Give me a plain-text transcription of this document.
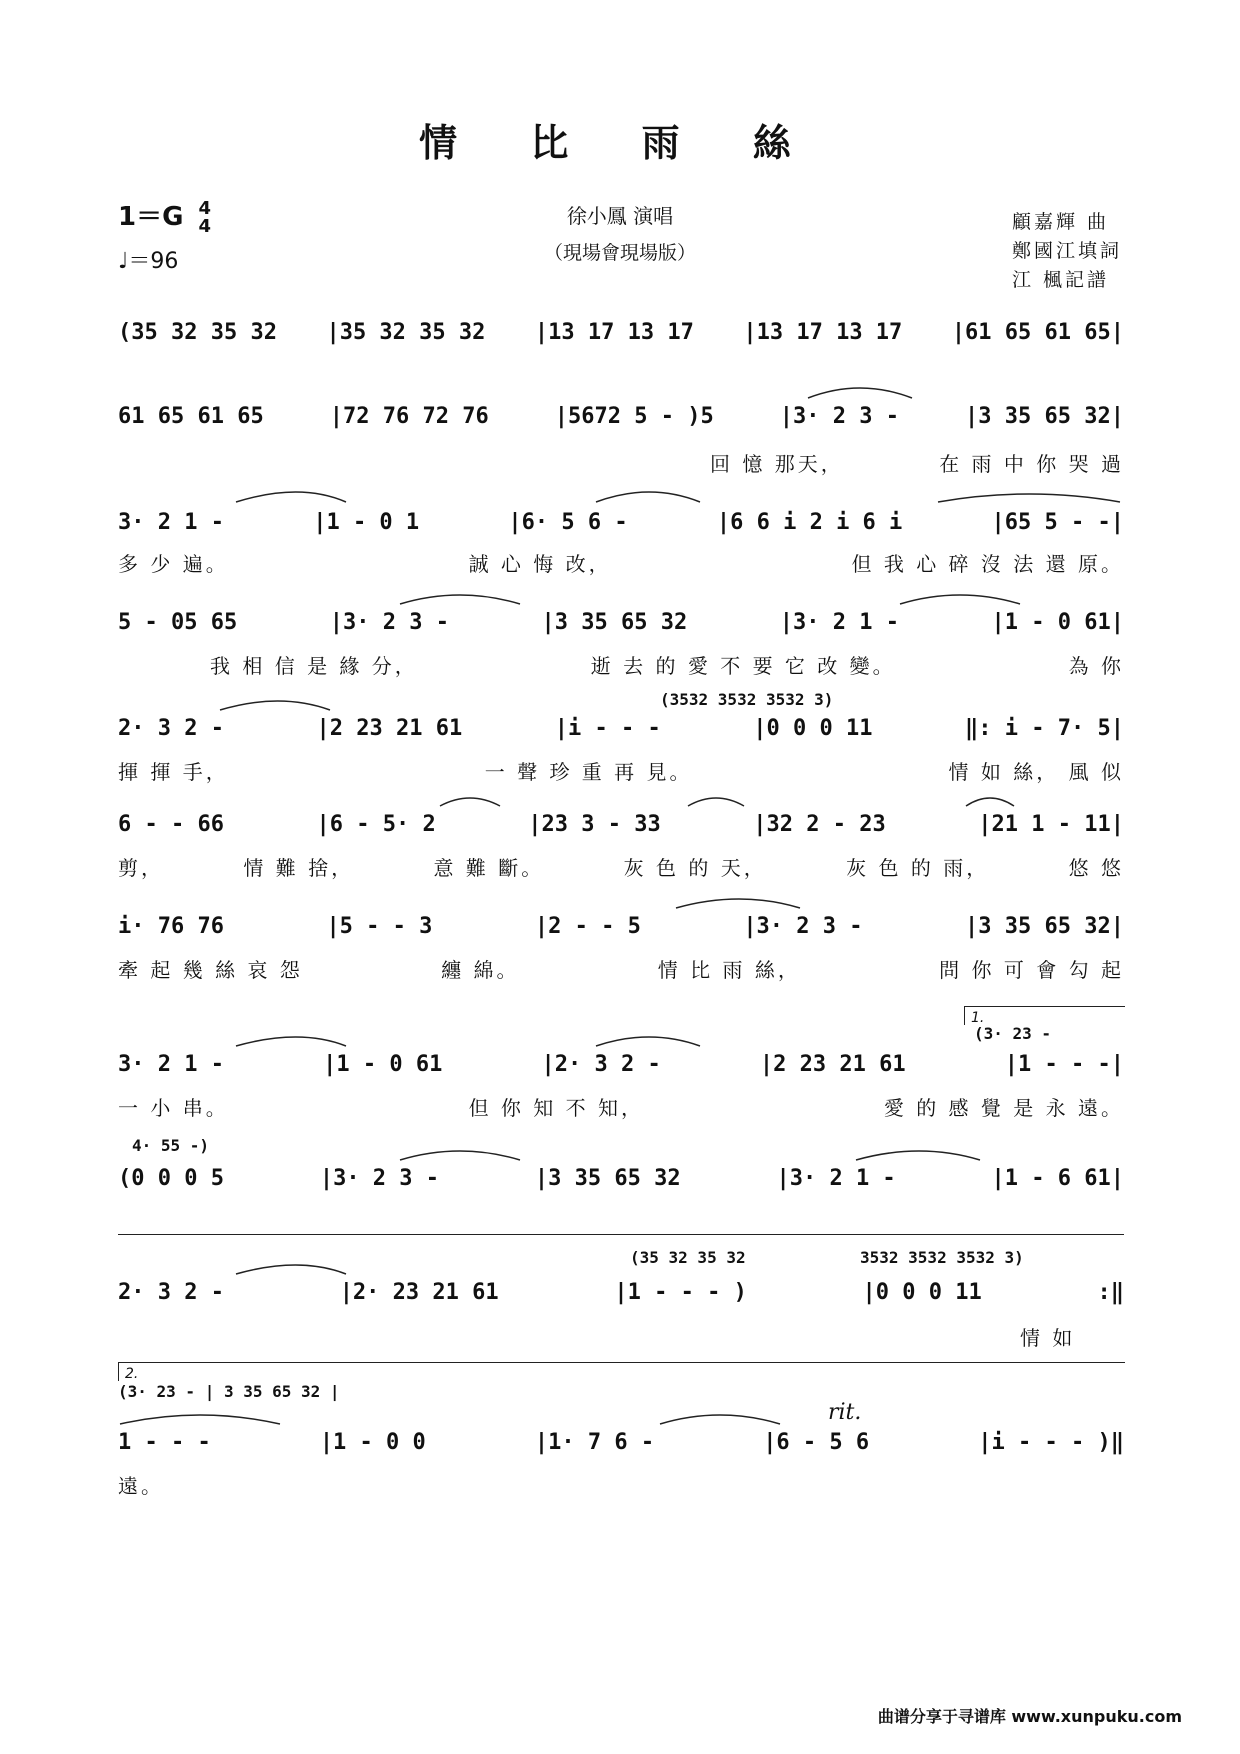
情 比 雨 絲
1＝G 4
4
♩＝96
徐小鳳 演唱
（現場會現場版）
顧嘉輝 曲
鄭國江填詞
江 楓記譜
(35 32 35 32 |35 32 35 32 |13 17 13 17 |13 17 13 17 |61 65 61 65|
61 65 61 65	|72 76 72 76	|5672 5 - )5	|3· 2 3 -	|3 35 65 32|
回 憶 那天，	在 雨 中 你 哭 過
3· 2 1 -	|1 - 0 1	|6· 5 6 -	|6 6 i 2 i 6 i	|65 5 - -|
多 少 遍。	誠 心 悔 改，	但 我 心 碎 沒 法 還 原。
5 - 05 65	|3· 2 3 -	|3 35 65 32	|3· 2 1 -	|1 - 0 61|
我 相 信 是 緣 分，	逝 去 的 愛 不 要 它 改 變。	為 你
(3532 3532 3532 3)
2· 3 2 -	|2 23 21 61	|i - - -	|0 0 0 11	‖: i - 7· 5|
揮 揮 手，	一 聲 珍 重 再 見。	情 如 絲， 風 似
6 - - 66	|6 - 5· 2	|23 3 - 33	|32 2 - 23	|21 1 - 11|
剪，	情 難 捨，	意 難 斷。	灰 色 的 天，	灰 色 的 雨，	悠 悠
i· 76 76	|5 - - 3	|2 - - 5	|3· 2 3 -	|3 35 65 32|
牽 起 幾 絲 哀 怨	纏 綿。	情 比 雨 絲，	問 你 可 會 勾 起
1.
(3· 23 -
3· 2 1 -	|1 - 0 61	|2· 3 2 -	|2 23 21 61	|1 - - -|
一 小 串。	但 你 知 不 知，	愛 的 感 覺 是 永 遠。
4· 55 -)
(0 0 0 5	|3· 2 3 -	|3 35 65 32	|3· 2 1 -	|1 - 6 61|
(35 32 35 32	3532 3532 3532 3)
2· 3 2 -	|2· 23 21 61	|1 - - - )	|0 0 0 11	:‖
情 如
2.
(3· 23 - | 3 35 65 32 |
rit.
1 - - -	|1 - 0 0	|1· 7 6 -	|6 - 5 6	|i - - - )‖
遠。
曲谱分享于寻谱库 www.xunpuku.com
